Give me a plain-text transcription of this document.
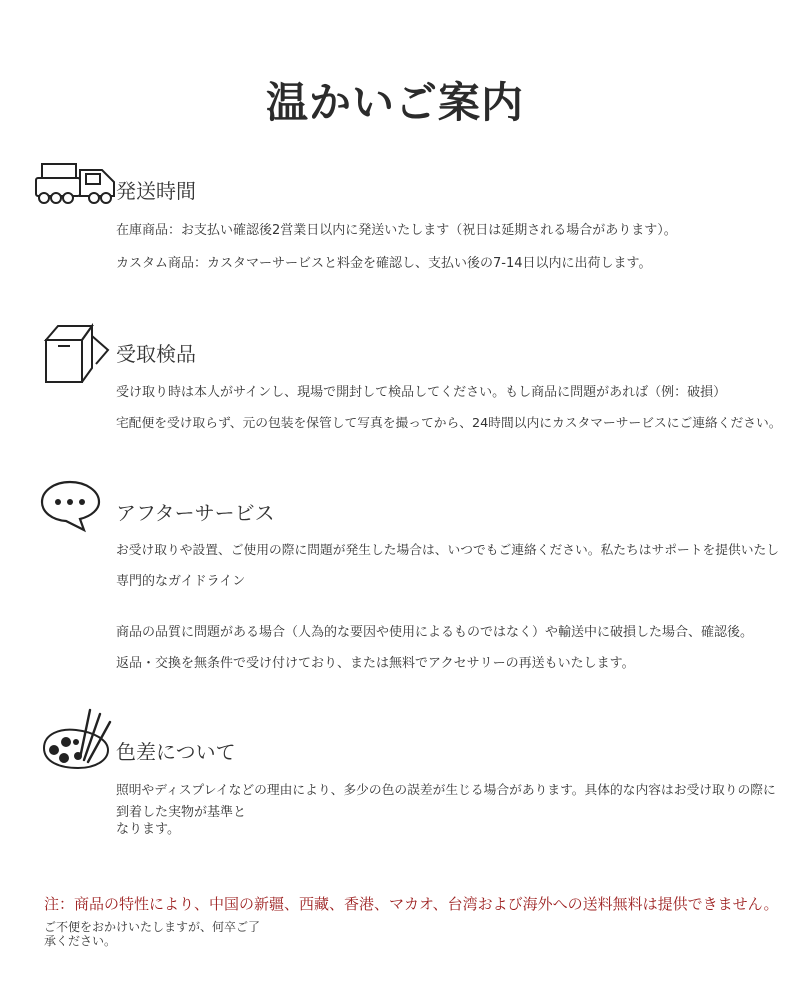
温かいご案内
発送時間
在庫商品：お支払い確認後2営業日以内に発送いたします（祝日は延期される場合があります）。
カスタム商品：カスタマーサービスと料金を確認し、支払い後の7-14日以内に出荷します。
受取検品
受け取り時は本人がサインし、現場で開封して検品してください。もし商品に問題があれば（例：破損）
宅配便を受け取らず、元の包装を保管して写真を撮ってから、24時間以内にカスタマーサービスにご連絡ください。
アフターサービス
お受け取りや設置、ご使用の際に問題が発生した場合は、いつでもご連絡ください。私たちはサポートを提供いたし
専門的なガイドライン
商品の品質に問題がある場合（人為的な要因や使用によるものではなく）や輸送中に破損した場合、確認後。
返品・交換を無条件で受け付けており、または無料でアクセサリーの再送もいたします。
色差について
照明やディスプレイなどの理由により、多少の色の誤差が生じる場合があります。具体的な内容はお受け取りの際に
到着した実物が基準と
なります。
注：商品の特性により、中国の新疆、西藏、香港、マカオ、台湾および海外への送料無料は提供できません。
ご不便をおかけいたしますが、何卒ご了
承ください。
